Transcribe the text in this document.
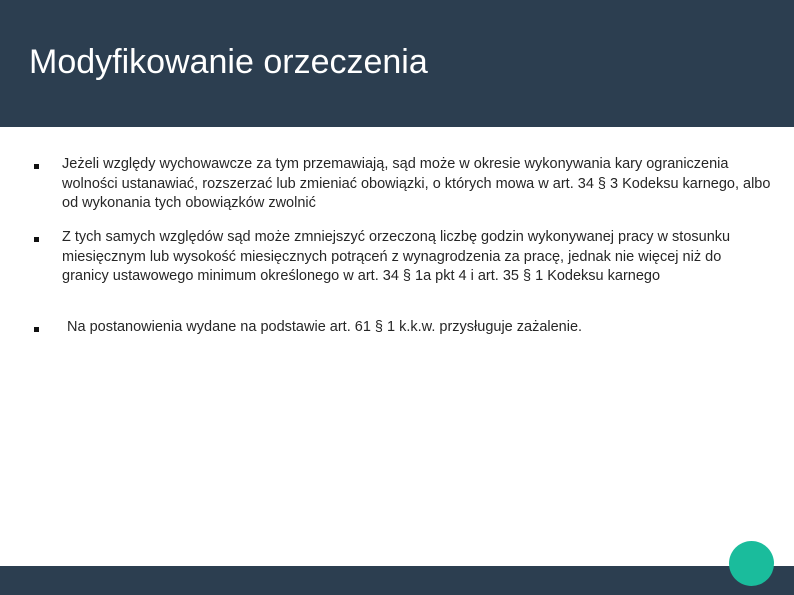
Modyfikowanie orzeczenia

Jeżeli względy wychowawcze za tym przemawiają, sąd może w okresie wykonywania kary ograniczenia wolności ustanawiać, rozszerzać lub zmieniać obowiązki, o których mowa w art. 34 § 3 Kodeksu karnego, albo od wykonania tych obowiązków zwolnić

Z tych samych względów sąd może zmniejszyć orzeczoną liczbę godzin wykonywanej pracy w stosunku miesięcznym lub wysokość miesięcznych potrąceń z wynagrodzenia za pracę, jednak nie więcej niż do granicy ustawowego minimum określonego w art. 34 § 1a pkt 4 i art. 35 § 1 Kodeksu karnego

Na postanowienia wydane na podstawie art. 61 § 1 k.k.w. przysługuje zażalenie.
